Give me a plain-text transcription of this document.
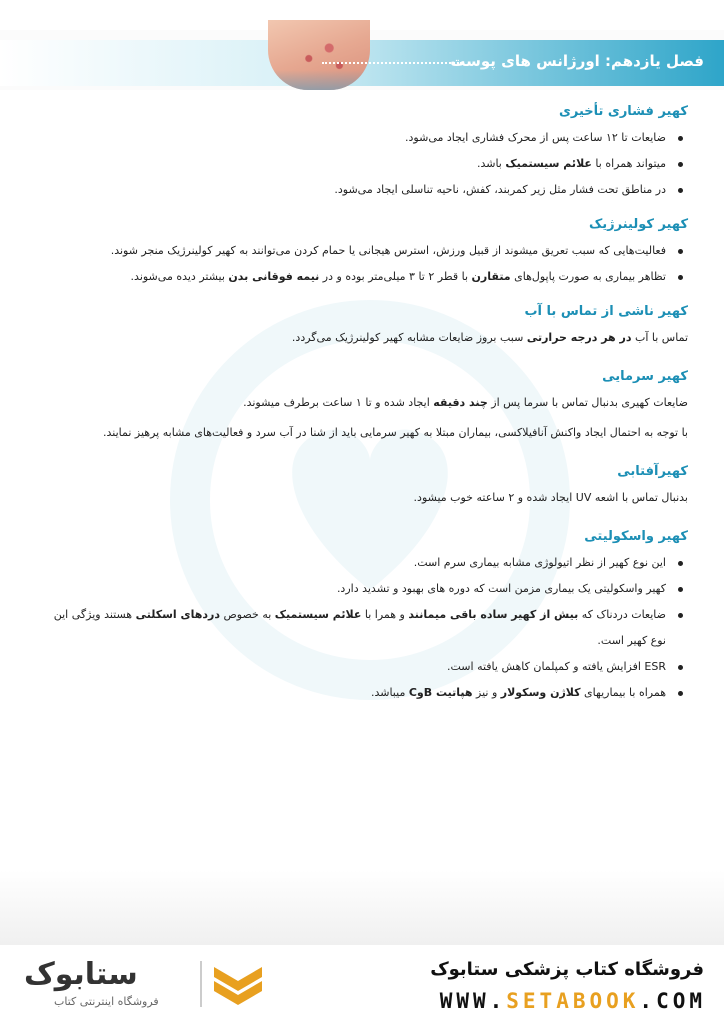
فصل یازدهم: اورژانس های پوست
کهیر فشاری تأخیری
ضایعات تا ۱۲ ساعت پس از محرک فشاری ایجاد می‌شود.
میتواند همراه با علائم سیستمیک باشد.
در مناطق تحت فشار مثل زیر کمربند، کفش، ناحیه تناسلی ایجاد می‌شود.
کهیر کولینرژیک
فعالیت‌هایی که سبب تعریق میشوند از قبیل ورزش، استرس هیجانی یا حمام کردن می‌توانند به کهیر کولینرژیک منجر شوند.
تظاهر بیماری به صورت پاپول‌های متقارن با قطر ۲ تا ۳ میلی‌متر بوده و در نیمه فوقانی بدن بیشتر دیده می‌شوند.
کهیر ناشی از تماس با آب

تماس با آب در هر درجه حرارتی سبب بروز ضایعات مشابه کهیر کولینرژیک می‌گردد.

کهیر سرمایی

ضایعات کهیری بدنبال تماس با سرما پس از چند دقیقه ایجاد شده و تا ۱ ساعت برطرف میشوند.

با توجه به احتمال ایجاد واکنش آنافیلاکسی، بیماران مبتلا به کهیر سرمایی باید از شنا در آب سرد و فعالیت‌های مشابه پرهیز نمایند.

کهیرآفتابی

بدنبال تماس با اشعه UV ایجاد شده و ۲ ساعته خوب میشود.

کهیر واسکولیتی
این نوع کهیر از نظر اتیولوژی مشابه بیماری سرم است.
کهیر واسکولیتی یک بیماری مزمن است که دوره های بهبود و تشدید دارد.
ضایعات دردناک که بیش از کهیر ساده باقی میمانند و همرا با علائم سیستمیک به خصوص دردهای اسکلتی هستند ویژگی این نوع کهیر است.
ESR افزایش یافته و کمپلمان کاهش یافته است.
همراه با بیماریهای کلاژن وسکولار و نیز هپاتیت BوC میباشد.
فروشگاه کتاب پزشکی ستابوک
WWW.SETABOOK.COM
ستابوک
فروشگاه اینترنتی کتاب
